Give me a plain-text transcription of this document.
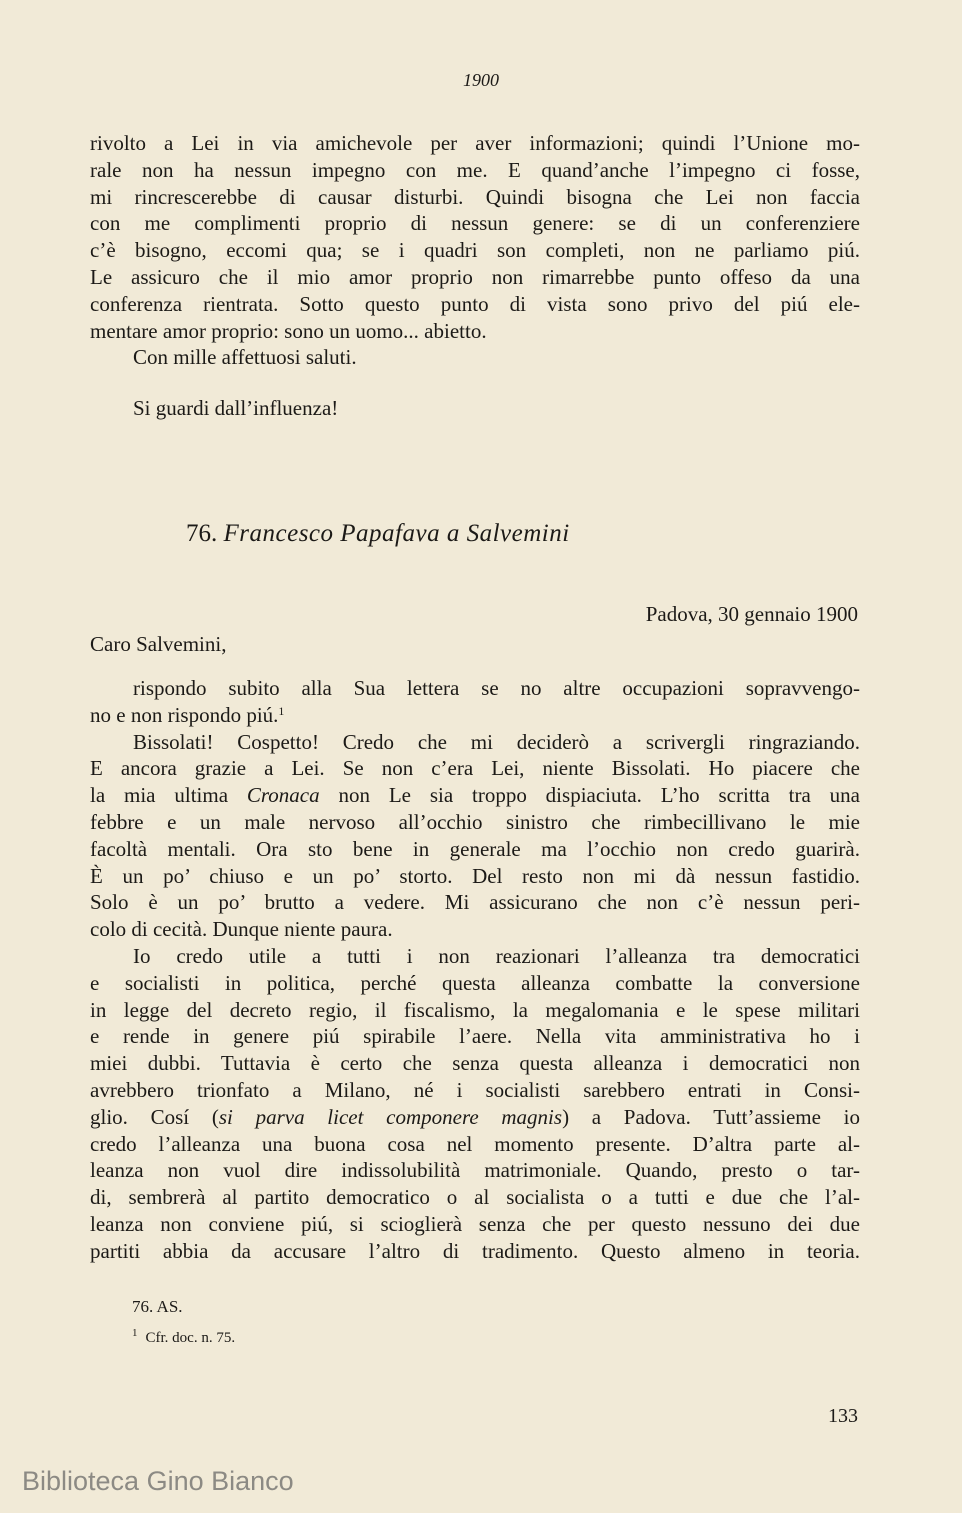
1900
rivolto a Lei in via amichevole per aver informazioni; quindi l’Unione mo-
rale non ha nessun impegno con me. E quand’anche l’impegno ci fosse,
mi rincrescerebbe di causar disturbi. Quindi bisogna che Lei non faccia
con me complimenti proprio di nessun genere: se di un conferenziere
c’è bisogno, eccomi qua; se i quadri son completi, non ne parliamo piú.
Le assicuro che il mio amor proprio non rimarrebbe punto offeso da una
conferenza rientrata. Sotto questo punto di vista sono privo del piú ele-
mentare amor proprio: sono un uomo... abietto.
Con mille affettuosi saluti.
Si guardi dall’influenza!
76. Francesco Papafava a Salvemini
Padova, 30 gennaio 1900
Caro Salvemini,
rispondo subito alla Sua lettera se no altre occupazioni sopravvengo-
no e non rispondo piú.$^1$
Bissolati! Cospetto! Credo che mi deciderò a scrivergli ringraziando.
E ancora grazie a Lei. Se non c’era Lei, niente Bissolati. Ho piacere che
la mia ultima Cronaca non Le sia troppo dispiaciuta. L’ho scritta tra una
febbre e un male nervoso all’occhio sinistro che rimbecillivano le mie
facoltà mentali. Ora sto bene in generale ma l’occhio non credo guarirà.
È un po’ chiuso e un po’ storto. Del resto non mi dà nessun fastidio.
Solo è un po’ brutto a vedere. Mi assicurano che non c’è nessun peri-
colo di cecità. Dunque niente paura.
Io credo utile a tutti i non reazionari l’alleanza tra democratici
e socialisti in politica, perché questa alleanza combatte la conversione
in legge del decreto regio, il fiscalismo, la megalomania e le spese militari
e rende in genere piú spirabile l’aere. Nella vita amministrativa ho i
miei dubbi. Tuttavia è certo che senza questa alleanza i democratici non
avrebbero trionfato a Milano, né i socialisti sarebbero entrati in Consi-
glio. Cosí (si parva licet componere magnis) a Padova. Tutt’assieme io
credo l’alleanza una buona cosa nel momento presente. D’altra parte al-
leanza non vuol dire indissolubilità matrimoniale. Quando, presto o tar-
di, sembrerà al partito democratico o al socialista o a tutti e due che l’al-
leanza non conviene piú, si scioglierà senza che per questo nessuno dei due
partiti abbia da accusare l’altro di tradimento. Questo almeno in teoria.
76. AS.
$^1$ Cfr. doc. n. 75.
133
Biblioteca Gino Bianco
